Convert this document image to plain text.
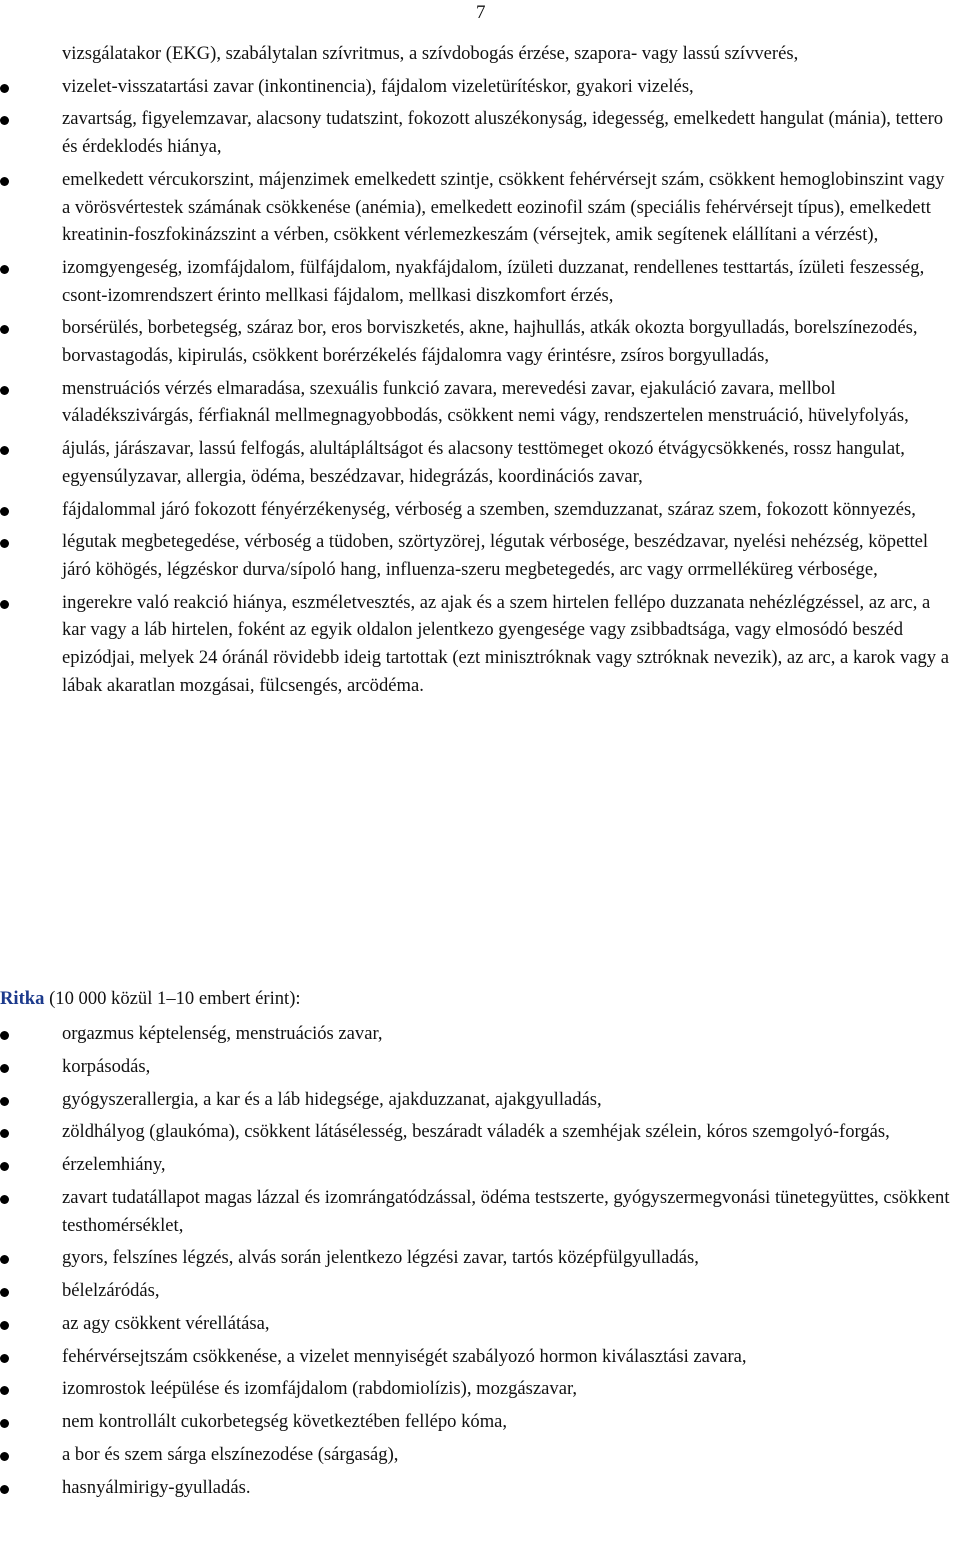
7
vizsgálatakor (EKG), szabálytalan szívritmus, a szívdobogás érzése, szapora- vagy lassú szívverés,
vizelet-visszatartási zavar (inkontinencia), fájdalom vizeletürítéskor, gyakori vizelés,
zavartság, figyelemzavar, alacsony tudatszint, fokozott aluszékonyság, idegesség, emelkedett hangulat (mánia), tettero és érdeklodés hiánya,
emelkedett vércukorszint, májenzimek emelkedett szintje, csökkent fehérvérsejt szám, csökkent hemoglobinszint vagy a vörösvértestek számának csökkenése (anémia), emelkedett eozinofil szám (speciális fehérvérsejt típus), emelkedett kreatinin-foszfokinázszint a vérben, csökkent vérlemezkeszám (vérsejtek, amik segítenek elállítani a vérzést),
izomgyengeség, izomfájdalom, fülfájdalom, nyakfájdalom, ízületi duzzanat, rendellenes testtartás, ízületi feszesség, csont-izomrendszert érinto mellkasi fájdalom, mellkasi diszkomfort érzés,
borsérülés, borbetegség, száraz bor, eros borviszketés, akne, hajhullás, atkák okozta borgyulladás, borelszínezodés, borvastagodás, kipirulás, csökkent borérzékelés fájdalomra vagy érintésre, zsíros borgyulladás,
menstruációs vérzés elmaradása, szexuális funkció zavara, merevedési zavar, ejakuláció zavara, mellbol váladékszivárgás, férfiaknál mellmegnagyobbodás, csökkent nemi vágy, rendszertelen menstruáció, hüvelyfolyás,
ájulás, járászavar, lassú felfogás, alultápláltságot és alacsony testtömeget okozó étvágycsökkenés, rossz hangulat, egyensúlyzavar, allergia, ödéma, beszédzavar, hidegrázás, koordinációs zavar,
fájdalommal járó fokozott fényérzékenység, vérboség a szemben, szemduzzanat, száraz szem, fokozott könnyezés,
légutak megbetegedése, vérboség a tüdoben, szörtyzörej, légutak vérbosége, beszédzavar, nyelési nehézség, köpettel járó köhögés, légzéskor durva/sípoló hang, influenza-szeru megbetegedés, arc vagy orrmelléküreg vérbosége,
ingerekre való reakció hiánya, eszméletvesztés, az ajak és a szem hirtelen fellépo duzzanata nehézlégzéssel, az arc, a kar vagy a láb hirtelen, foként az egyik oldalon jelentkezo gyengesége vagy zsibbadtsága, vagy elmosódó beszéd epizódjai, melyek 24 óránál rövidebb ideig tartottak (ezt minisztróknak vagy sztróknak nevezik), az arc, a karok vagy a lábak akaratlan mozgásai, fülcsengés, arcödéma.
Ritka (10 000 közül 1–10 embert érint):
orgazmus képtelenség, menstruációs zavar,
korpásodás,
gyógyszerallergia, a kar és a láb hidegsége, ajakduzzanat, ajakgyulladás,
zöldhályog (glaukóma), csökkent látásélesség, beszáradt váladék a szemhéjak szélein, kóros szemgolyó-forgás,
érzelemhiány,
zavart tudatállapot magas lázzal és izomrángatódzással, ödéma testszerte, gyógyszermegvonási tünetegyüttes, csökkent testhomérséklet,
gyors, felszínes légzés, alvás során jelentkezo légzési zavar, tartós középfülgyulladás,
bélelzáródás,
az agy csökkent vérellátása,
fehérvérsejtszám csökkenése, a vizelet mennyiségét szabályozó hormon kiválasztási zavara,
izomrostok leépülése és izomfájdalom (rabdomiolízis), mozgászavar,
nem kontrollált cukorbetegség következtében fellépo kóma,
a bor és szem sárga elszínezodése (sárgaság),
hasnyálmirigy-gyulladás.
